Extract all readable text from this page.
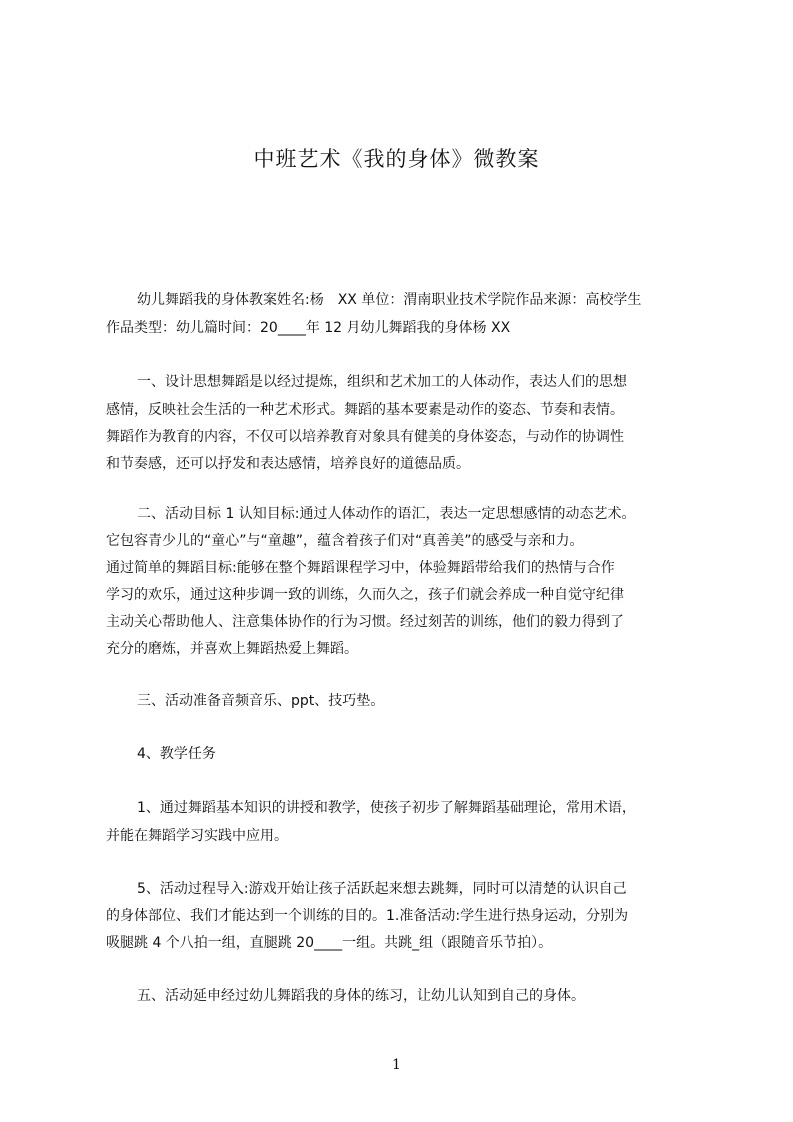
中班艺术《我的身体》微教案
幼儿舞蹈我的身体教案姓名:杨　XX 单位：渭南职业技术学院作品来源：高校学生
作品类型：幼儿篇时间：20____年 12 月幼儿舞蹈我的身体杨 XX
一、设计思想舞蹈是以经过提炼，组织和艺术加工的人体动作，表达人们的思想
感情，反映社会生活的一种艺术形式。舞蹈的基本要素是动作的姿态、节奏和表情。
舞蹈作为教育的内容，不仅可以培养教育对象具有健美的身体姿态，与动作的协调性
和节奏感，还可以抒发和表达感情，培养良好的道德品质。
二、活动目标 1 认知目标:通过人体动作的语汇，表达一定思想感情的动态艺术。
它包容青少儿的“童心”与“童趣”，蕴含着孩子们对“真善美”的感受与亲和力。
通过简单的舞蹈目标:能够在整个舞蹈课程学习中，体验舞蹈带给我们的热情与合作
学习的欢乐，通过这种步调一致的训练，久而久之，孩子们就会养成一种自觉守纪律
主动关心帮助他人、注意集体协作的行为习惯。经过刻苦的训练，他们的毅力得到了
充分的磨炼，并喜欢上舞蹈热爱上舞蹈。
三、活动准备音频音乐、ppt、技巧垫。
4、教学任务
1、通过舞蹈基本知识的讲授和教学，使孩子初步了解舞蹈基础理论，常用术语，
并能在舞蹈学习实践中应用。
5、活动过程导入:游戏开始让孩子活跃起来想去跳舞，同时可以清楚的认识自己
的身体部位、我们才能达到一个训练的目的。1.准备活动:学生进行热身运动，分别为
吸腿跳 4 个八拍一组，直腿跳 20____一组。共跳_组（跟随音乐节拍）。
五、活动延申经过幼儿舞蹈我的身体的练习，让幼儿认知到自己的身体。
1
